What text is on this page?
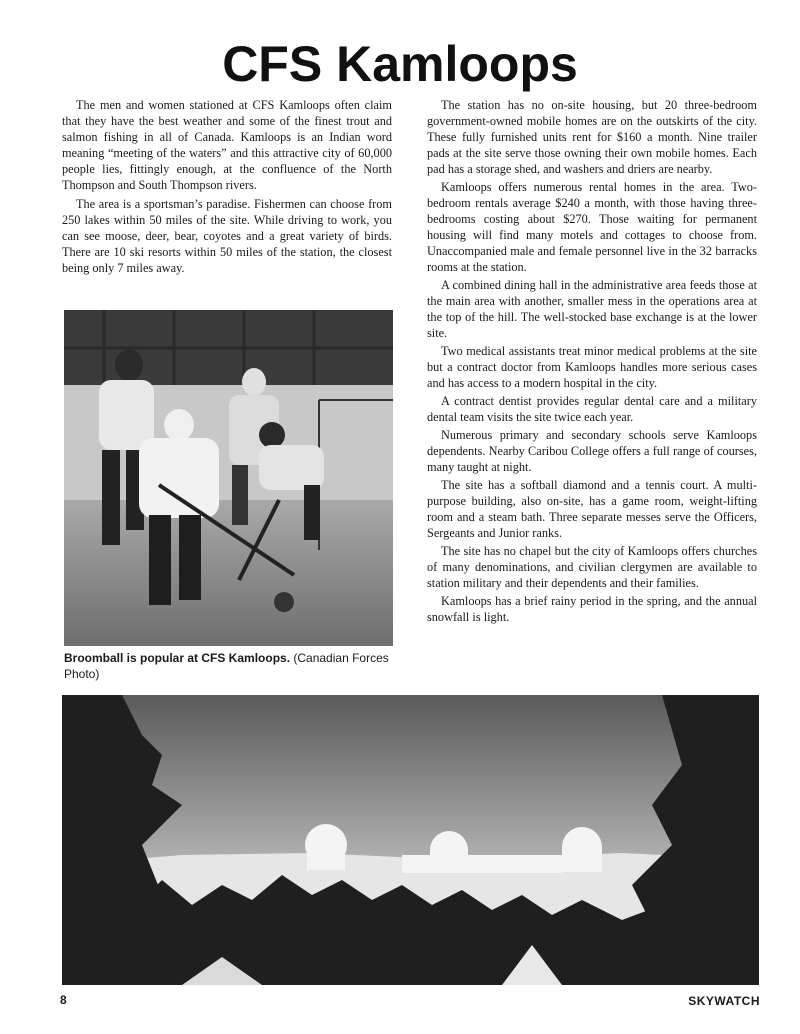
CFS Kamloops

The men and women stationed at CFS Kamloops often claim that they have the best weather and some of the finest trout and salmon fishing in all of Canada. Kamloops is an Indian word meaning “meeting of the waters” and this attractive city of 60,000 people lies, fittingly enough, at the confluence of the North Thompson and South Thompson rivers.

The area is a sportsman’s paradise. Fishermen can choose from 250 lakes within 50 miles of the site. While driving to work, you can see moose, deer, bear, coyotes and a great variety of birds. There are 10 ski resorts within 50 miles of the station, the closest being only 7 miles away.

Broomball is popular at CFS Kamloops. (Canadian Forces Photo)

The station has no on-site housing, but 20 three-bedroom government-owned mobile homes are on the outskirts of the city. These fully furnished units rent for $160 a month. Nine trailer pads at the site serve those owning their own mobile homes. Each pad has a storage shed, and washers and driers are nearby.

Kamloops offers numerous rental homes in the area. Two-bedroom rentals average $240 a month, with those having three-bedrooms costing about $270. Those waiting for permanent housing will find many motels and cottages to choose from. Unaccompanied male and female personnel live in the 32 barracks rooms at the station.

A combined dining hall in the administrative area feeds those at the main area with another, smaller mess in the operations area at the top of the hill. The well-stocked base exchange is at the lower site.

Two medical assistants treat minor medical problems at the site but a contract doctor from Kamloops handles more serious cases and has access to a modern hospital in the city.

A contract dentist provides regular dental care and a military dental team visits the site twice each year.

Numerous primary and secondary schools serve Kamloops dependents. Nearby Caribou College offers a full range of courses, many taught at night.

The site has a softball diamond and a tennis court. A multi-purpose building, also on-site, has a game room, weight-lifting room and a steam bath. Three separate messes serve the Officers, Sergeants and Junior ranks.

The site has no chapel but the city of Kamloops offers churches of many denominations, and civilian clergymen are available to station military and their dependents and their families.

Kamloops has a brief rainy period in the spring, and the annual snowfall is light.

8	SKYWATCH
